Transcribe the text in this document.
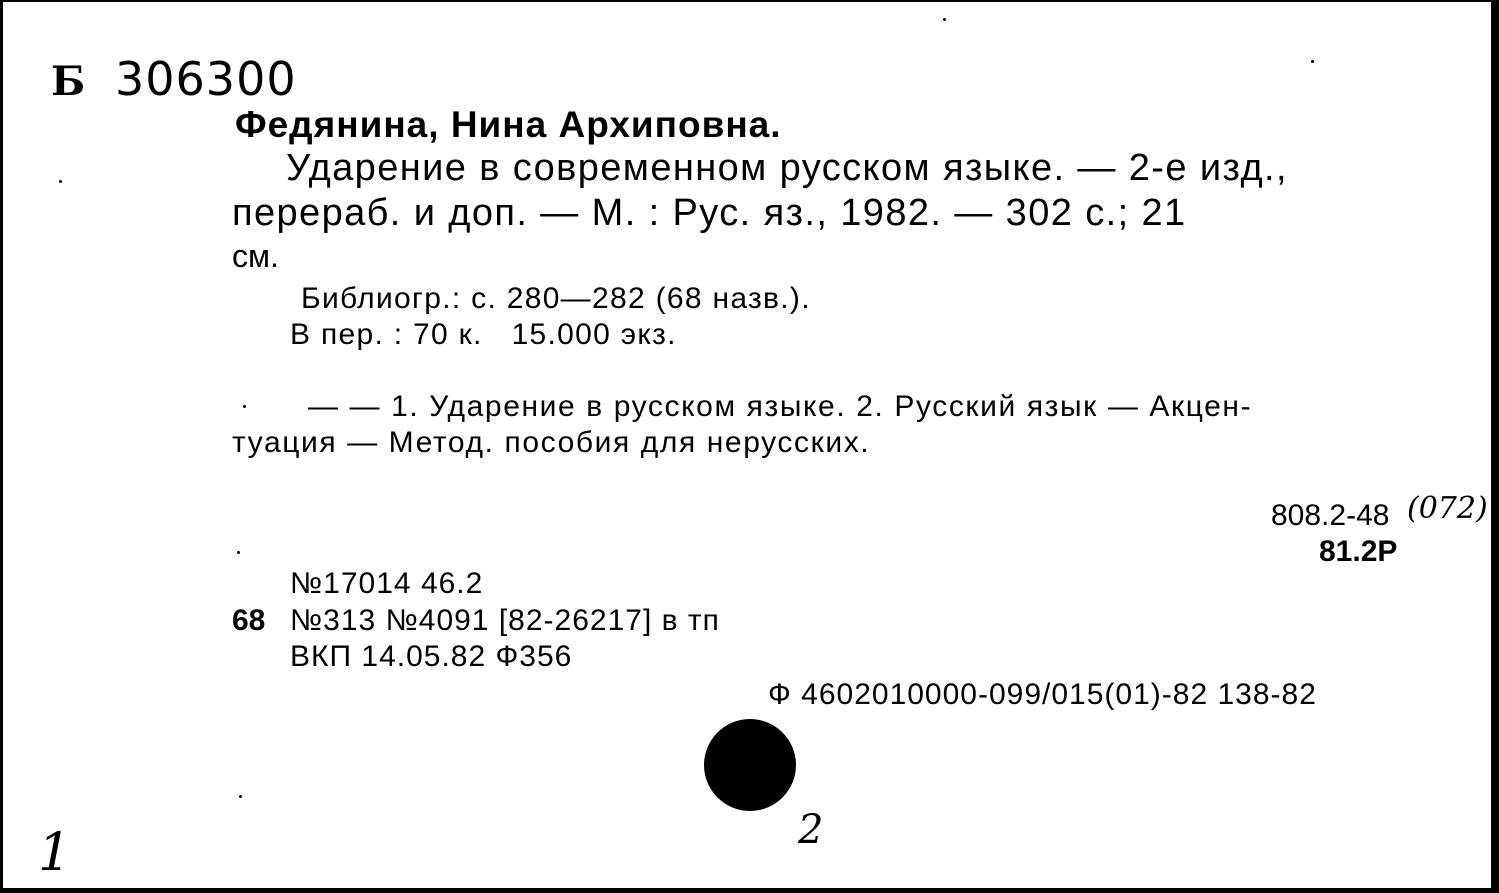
Б 306300
Федянина, Нина Архиповна.
Ударение в современном русском языке. — 2-е изд.,
перераб. и доп. — М. : Рус. яз., 1982. — 302 с.; 21
см.
Библиогр.: с. 280—282 (68 назв.).
В пер. : 70 к.   15.000 экз.
— — 1. Ударение в русском языке. 2. Русский язык — Акцен-
туация — Метод. пособия для нерусских.
808.2-48
81.2Р
(072)
№17014 46.2
68 №313 №4091 [82-26217] в тп
ВКП 14.05.82 Ф356
Ф 4602010000-099/015(01)-82 138-82
1	2
